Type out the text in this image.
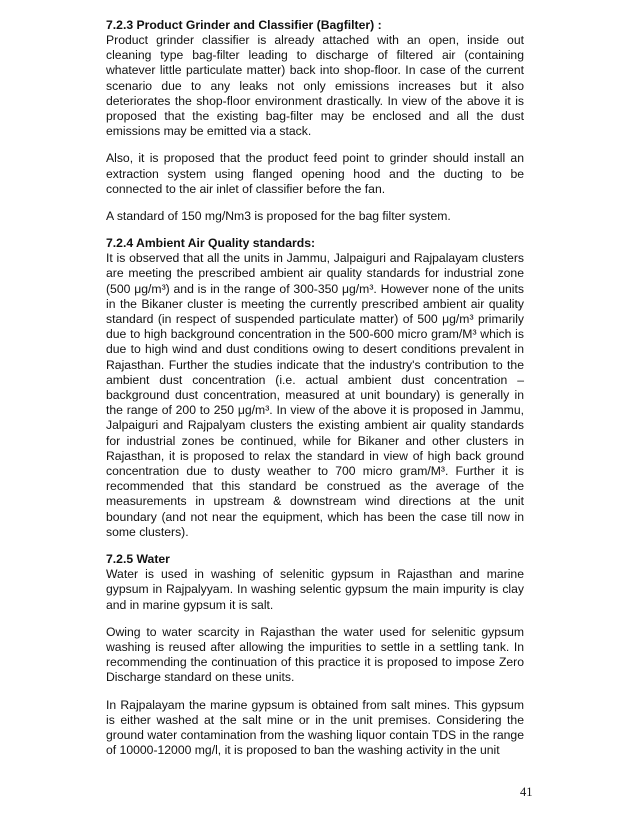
7.2.3 Product Grinder and Classifier (Bagfilter) :

Product grinder classifier is already attached with an open, inside out cleaning type bag-filter leading to discharge of filtered air (containing whatever little particulate matter) back into shop-floor. In case of the current scenario due to any leaks not only emissions increases but it also deteriorates the shop-floor environment drastically. In view of the above it is proposed that the existing bag-filter may be enclosed and all the dust emissions may be emitted via a stack.

Also, it is proposed that the product feed point to grinder should install an extraction system using flanged opening hood and the ducting to be connected to the air inlet of classifier before the fan.

A standard of 150 mg/Nm3 is proposed for the bag filter system.

7.2.4 Ambient Air Quality standards:

It is observed that all the units in Jammu, Jalpaiguri and Rajpalayam clusters are meeting the prescribed ambient air quality standards for industrial zone (500 μg/m³) and is in the range of 300-350 μg/m³. However none of the units in the Bikaner cluster is meeting the currently prescribed ambient air quality standard (in respect of suspended particulate matter) of 500 μg/m³ primarily due to high background concentration in the 500-600 micro gram/M³ which is due to high wind and dust conditions owing to desert conditions prevalent in Rajasthan. Further the studies indicate that the industry's contribution to the ambient dust concentration (i.e. actual ambient dust concentration – background dust concentration, measured at unit boundary) is generally in the range of 200 to 250 μg/m³. In view of the above it is proposed in Jammu, Jalpaiguri and Rajpalyam clusters the existing ambient air quality standards for industrial zones be continued, while for Bikaner and other clusters in Rajasthan, it is proposed to relax the standard in view of high back ground concentration due to dusty weather to 700 micro gram/M³. Further it is recommended that this standard be construed as the average of the measurements in upstream & downstream wind directions at the unit boundary (and not near the equipment, which has been the case till now in some clusters).

7.2.5 Water

Water is used in washing of selenitic gypsum in Rajasthan and marine gypsum in Rajpalyyam. In washing selentic gypsum the main impurity is clay and in marine gypsum it is salt.

Owing to water scarcity in Rajasthan the water used for selenitic gypsum washing is reused after allowing the impurities to settle in a settling tank. In recommending the continuation of this practice it is proposed to impose Zero Discharge standard on these units.

In Rajpalayam the marine gypsum is obtained from salt mines. This gypsum is either washed at the salt mine or in the unit premises. Considering the ground water contamination from the washing liquor contain TDS in the range of 10000-12000 mg/l, it is proposed to ban the washing activity in the unit

41
